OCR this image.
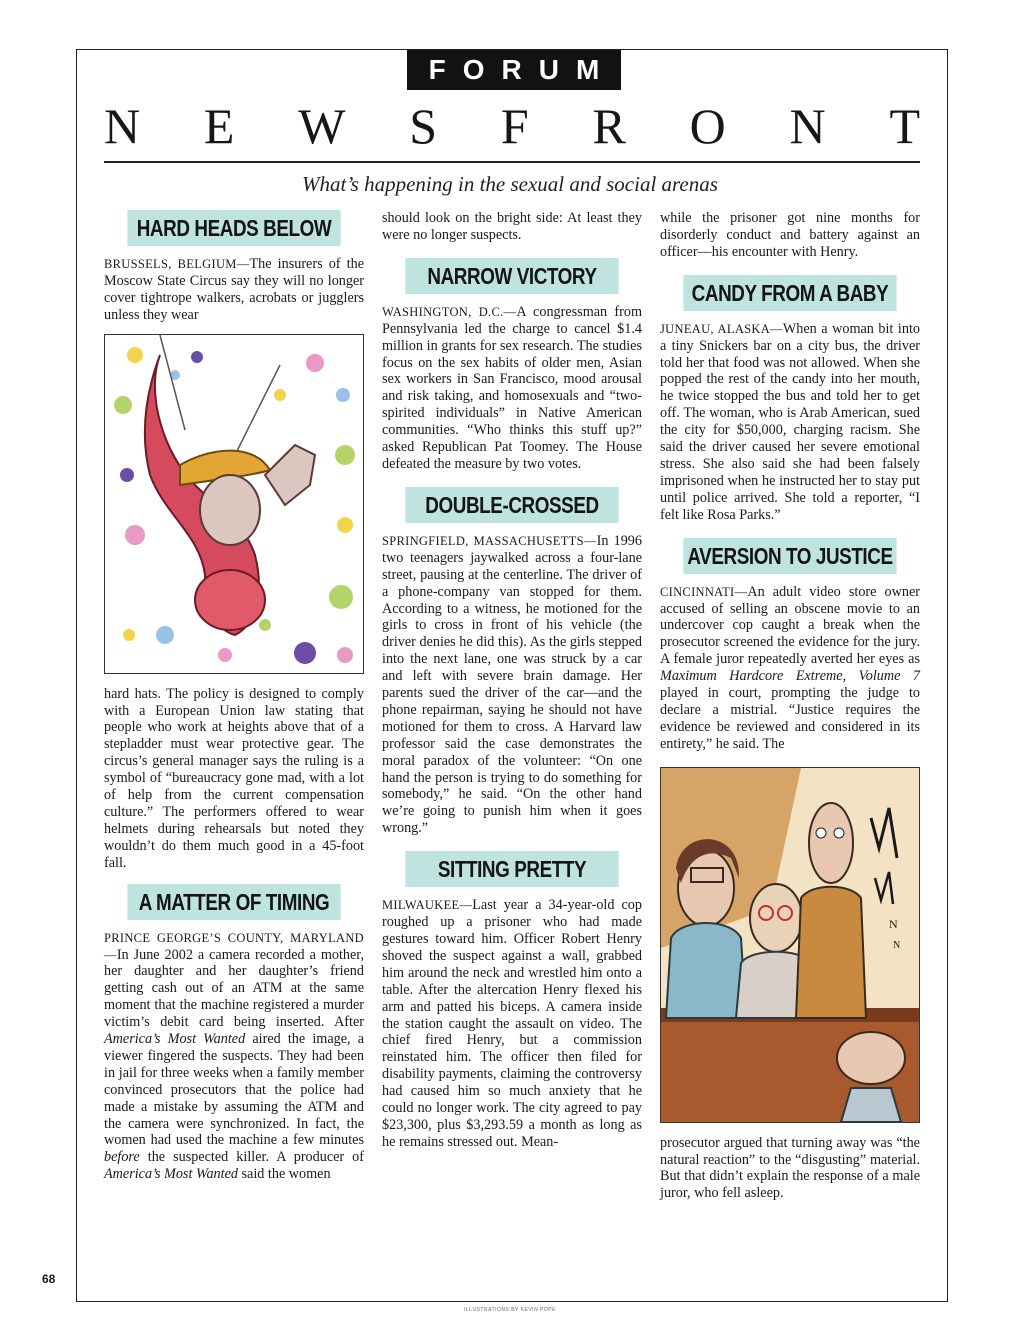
FORUM
N E W S F R O N T
What’s happening in the sexual and social arenas
HARD HEADS BELOW

BRUSSELS, BELGIUM—The insurers of the Moscow State Circus say they will no longer cover tightrope walkers, acrobats or jugglers unless they wear

hard hats. The policy is designed to comply with a European Union law stating that people who work at heights above that of a stepladder must wear protective gear. The circus’s general manager says the ruling is a symbol of “bureaucracy gone mad, with a lot of help from the current compensation culture.” The performers offered to wear helmets during rehearsals but noted they wouldn’t do them much good in a 45-foot fall.

A MATTER OF TIMING

PRINCE GEORGE’S COUNTY, MARYLAND—In June 2002 a camera recorded a mother, her daughter and her daughter’s friend getting cash out of an ATM at the same moment that the machine registered a murder victim’s debit card being inserted. After America’s Most Wanted aired the image, a viewer fingered the suspects. They had been in jail for three weeks when a family member convinced prosecutors that the police had made a mistake by assuming the ATM and the camera were synchronized. In fact, the women had used the machine a few minutes before the suspected killer. A producer of America’s Most Wanted said the women

should look on the bright side: At least they were no longer suspects.

NARROW VICTORY

WASHINGTON, D.C.—A congressman from Pennsylvania led the charge to cancel $1.4 million in grants for sex research. The studies focus on the sex habits of older men, Asian sex workers in San Francisco, mood arousal and risk taking, and homosexuals and “two-spirited individuals” in Native American communities. “Who thinks this stuff up?” asked Republican Pat Toomey. The House defeated the measure by two votes.

DOUBLE-CROSSED

SPRINGFIELD, MASSACHUSETTS—In 1996 two teenagers jaywalked across a four-lane street, pausing at the centerline. The driver of a phone-company van stopped for them. According to a witness, he motioned for the girls to cross in front of his vehicle (the driver denies he did this). As the girls stepped into the next lane, one was struck by a car and left with severe brain damage. Her parents sued the driver of the car—and the phone repairman, saying he should not have motioned for them to cross. A Harvard law professor said the case demonstrates the moral paradox of the volunteer: “On one hand the person is trying to do something for somebody,” he said. “On the other hand we’re going to punish him when it goes wrong.”

SITTING PRETTY

MILWAUKEE—Last year a 34-year-old cop roughed up a prisoner who had made gestures toward him. Officer Robert Henry shoved the suspect against a wall, grabbed him around the neck and wrestled him onto a table. After the altercation Henry flexed his arm and patted his biceps. A camera inside the station caught the assault on video. The chief fired Henry, but a commission reinstated him. The officer then filed for disability payments, claiming the controversy had caused him so much anxiety that he could no longer work. The city agreed to pay $23,300, plus $3,293.59 a month as long as he remains stressed out. Mean-

while the prisoner got nine months for disorderly conduct and battery against an officer—his encounter with Henry.

CANDY FROM A BABY

JUNEAU, ALASKA—When a woman bit into a tiny Snickers bar on a city bus, the driver told her that food was not allowed. When she popped the rest of the candy into her mouth, he twice stopped the bus and told her to get off. The woman, who is Arab American, sued the city for $50,000, charging racism. She said the driver caused her severe emotional stress. She also said she had been falsely imprisoned when he instructed her to stay put until police arrived. She told a reporter, “I felt like Rosa Parks.”

AVERSION TO JUSTICE

CINCINNATI—An adult video store owner accused of selling an obscene movie to an undercover cop caught a break when the prosecutor screened the evidence for the jury. A female juror repeatedly averted her eyes as Maximum Hardcore Extreme, Volume 7 played in court, prompting the judge to declare a mistrial. “Justice requires the evidence be reviewed and considered in its entirety,” he said. The

N
N

prosecutor argued that turning away was “the natural reaction” to the “disgusting” material. But that didn’t explain the response of a male juror, who fell asleep.

68
ILLUSTRATIONS BY KEVIN POPE
